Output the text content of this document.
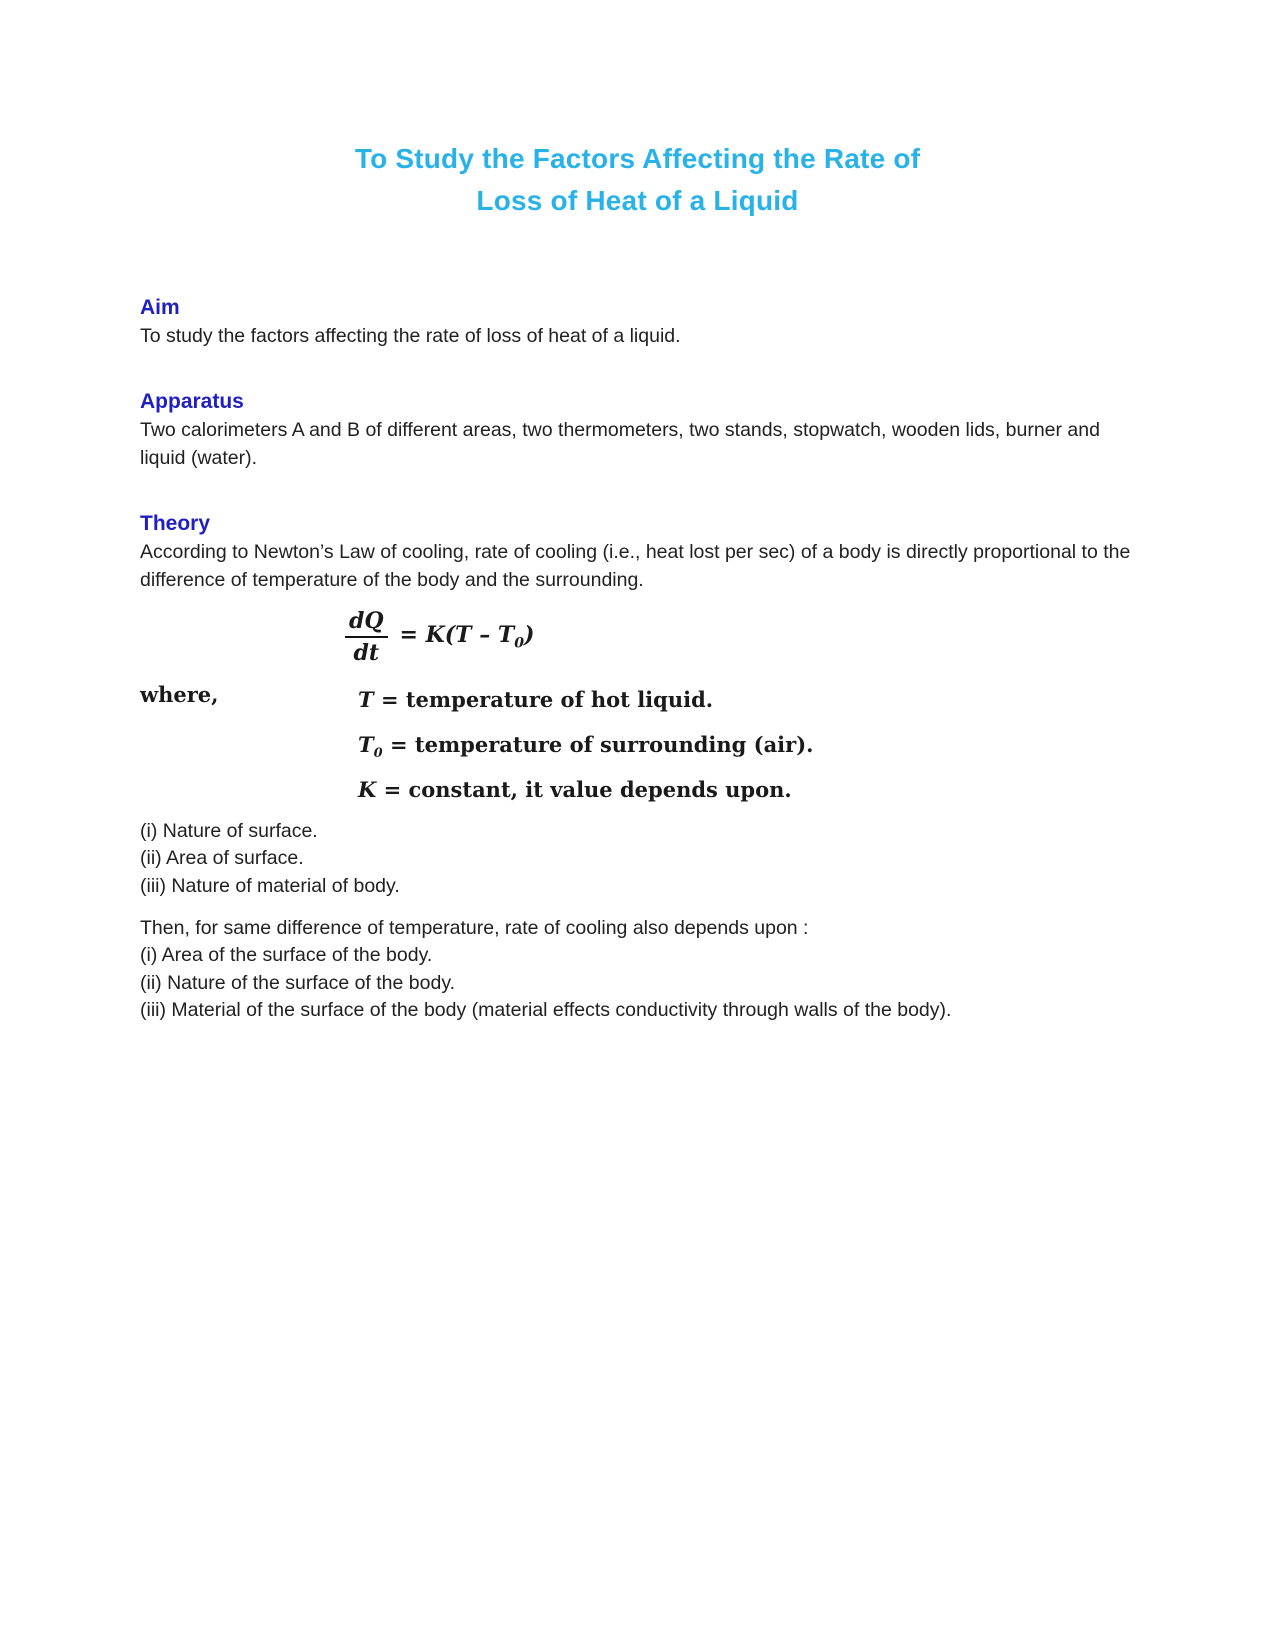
To Study the Factors Affecting the Rate of
Loss of Heat of a Liquid
Aim

To study the factors affecting the rate of loss of heat of a liquid.

Apparatus

Two calorimeters A and B of different areas, two thermometers, two stands, stopwatch, wooden lids, burner and liquid (water).

Theory

According to Newton’s Law of cooling, rate of cooling (i.e., heat lost per sec) of a body is directly proportional to the difference of temperature of the body and the surrounding.

$\frac{dQ}{dt} = K(T - T_0)$
where,	T = temperature of hot liquid.
$T_0$ = temperature of surrounding (air).
K = constant, it value depends upon.
(i) Nature of surface.
(ii) Area of surface.
(iii) Nature of material of body.

Then, for same difference of temperature, rate of cooling also depends upon :

(i) Area of the surface of the body.
(ii) Nature of the surface of the body.
(iii) Material of the surface of the body (material effects conductivity through walls of the body).
